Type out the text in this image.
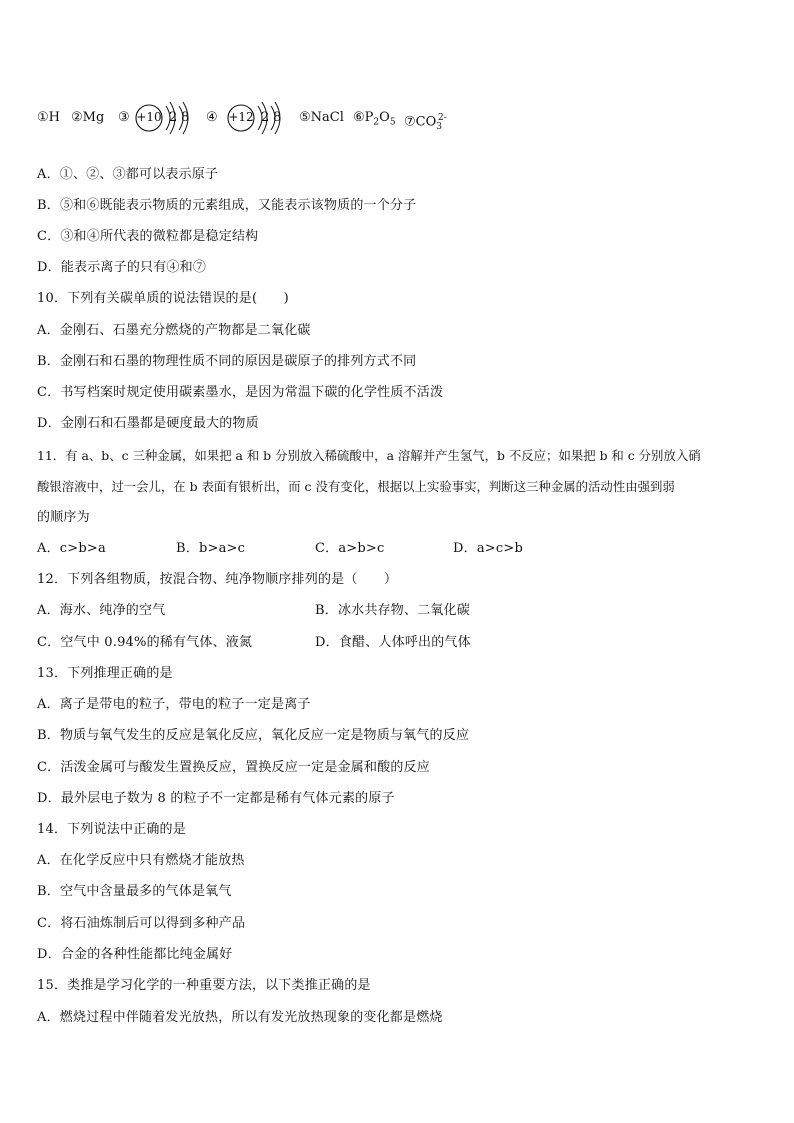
①H ②Mg ③ +10 2 8 ④ +12 2 8 ⑤NaCl $⑥P_2O_5$ $⑦CO_3^{2-}$
A．①、②、③都可以表示原子
B．⑤和⑥既能表示物质的元素组成，又能表示该物质的一个分子
C．③和④所代表的微粒都是稳定结构
D．能表示离子的只有④和⑦
10．下列有关碳单质的说法错误的是(　　)
A．金刚石、石墨充分燃烧的产物都是二氧化碳
B．金刚石和石墨的物理性质不同的原因是碳原子的排列方式不同
C．书写档案时规定使用碳素墨水，是因为常温下碳的化学性质不活泼
D．金刚石和石墨都是硬度最大的物质
11．有 a、b、c 三种金属，如果把 a 和 b 分别放入稀硫酸中，a 溶解并产生氢气，b 不反应；如果把 b 和 c 分别放入硝
酸银溶液中，过一会儿，在 b 表面有银析出，而 c 没有变化，根据以上实验事实，判断这三种金属的活动性由强到弱
的顺序为
A．c>b>a	B．b>a>c	C．a>b>c	D．a>c>b
12．下列各组物质，按混合物、纯净物顺序排列的是（　　）
A．海水、纯净的空气	B．冰水共存物、二氧化碳
C．空气中 0.94%的稀有气体、液氮	D．食醋、人体呼出的气体
13．下列推理正确的是
A．离子是带电的粒子，带电的粒子一定是离子
B．物质与氧气发生的反应是氧化反应，氧化反应一定是物质与氧气的反应
C．活泼金属可与酸发生置换反应，置换反应一定是金属和酸的反应
D．最外层电子数为 8 的粒子不一定都是稀有气体元素的原子
14．下列说法中正确的是
A．在化学反应中只有燃烧才能放热
B．空气中含量最多的气体是氧气
C．将石油炼制后可以得到多种产品
D．合金的各种性能都比纯金属好
15．类推是学习化学的一种重要方法，以下类推正确的是
A．燃烧过程中伴随着发光放热，所以有发光放热现象的变化都是燃烧
